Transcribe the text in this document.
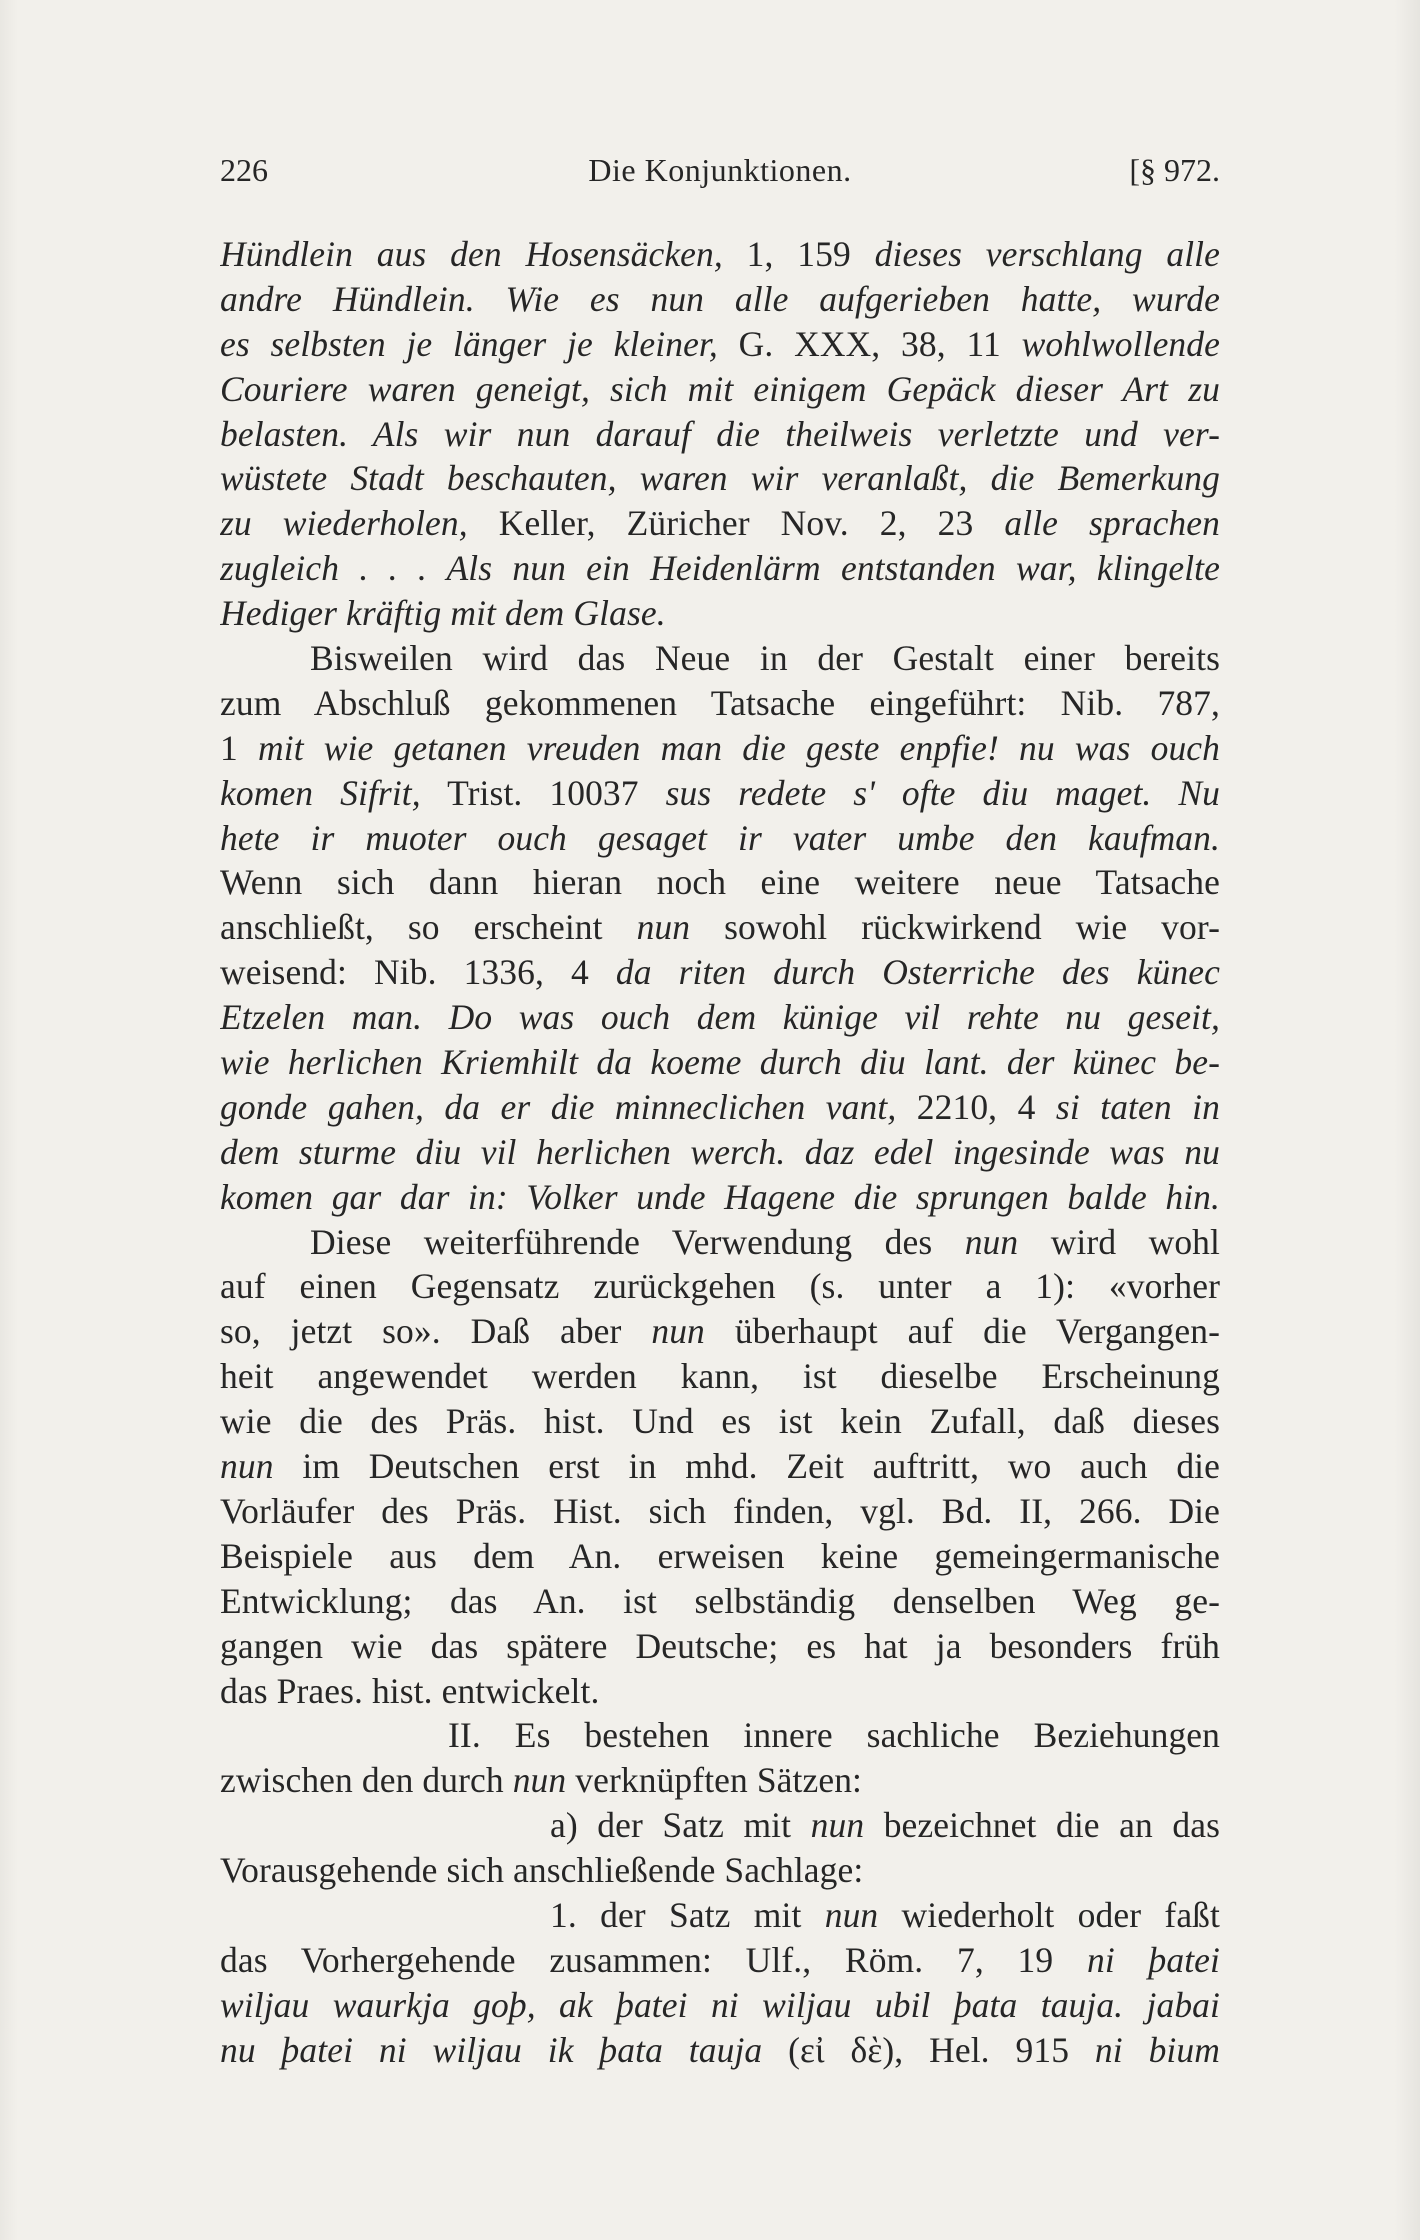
226	Die Konjunktionen.	[§ 972.
Hündlein aus den Hosensäcken, 1, 159 dieses verschlang alle
andre Hündlein. Wie es nun alle aufgerieben hatte, wurde
es selbsten je länger je kleiner, G. XXX, 38, 11 wohlwollende
Couriere waren geneigt, sich mit einigem Gepäck dieser Art zu
belasten. Als wir nun darauf die theilweis verletzte und ver-
wüstete Stadt beschauten, waren wir veranlaßt, die Bemerkung
zu wiederholen, Keller, Züricher Nov. 2, 23 alle sprachen
zugleich . . . Als nun ein Heidenlärm entstanden war, klingelte
Hediger kräftig mit dem Glase.
Bisweilen wird das Neue in der Gestalt einer bereits
zum Abschluß gekommenen Tatsache eingeführt: Nib. 787,
1 mit wie getanen vreuden man die geste enpfie! nu was ouch
komen Sifrit, Trist. 10037 sus redete s' ofte diu maget. Nu
hete ir muoter ouch gesaget ir vater umbe den kaufman.
Wenn sich dann hieran noch eine weitere neue Tatsache
anschließt, so erscheint nun sowohl rückwirkend wie vor-
weisend: Nib. 1336, 4 da riten durch Osterriche des künec
Etzelen man. Do was ouch dem künige vil rehte nu geseit,
wie herlichen Kriemhilt da koeme durch diu lant. der künec be-
gonde gahen, da er die minneclichen vant, 2210, 4 si taten in
dem sturme diu vil herlichen werch. daz edel ingesinde was nu
komen gar dar in: Volker unde Hagene die sprungen balde hin.
Diese weiterführende Verwendung des nun wird wohl
auf einen Gegensatz zurückgehen (s. unter a 1): «vorher
so, jetzt so». Daß aber nun überhaupt auf die Vergangen-
heit angewendet werden kann, ist dieselbe Erscheinung
wie die des Präs. hist. Und es ist kein Zufall, daß dieses
nun im Deutschen erst in mhd. Zeit auftritt, wo auch die
Vorläufer des Präs. Hist. sich finden, vgl. Bd. II, 266. Die
Beispiele aus dem An. erweisen keine gemeingermanische
Entwicklung; das An. ist selbständig denselben Weg ge-
gangen wie das spätere Deutsche; es hat ja besonders früh
das Praes. hist. entwickelt.
II. Es bestehen innere sachliche Beziehungen
zwischen den durch nun verknüpften Sätzen:
a) der Satz mit nun bezeichnet die an das
Vorausgehende sich anschließende Sachlage:
1. der Satz mit nun wiederholt oder faßt
das Vorhergehende zusammen: Ulf., Röm. 7, 19 ni þatei
wiljau waurkja goþ, ak þatei ni wiljau ubil þata tauja. jabai
nu þatei ni wiljau ik þata tauja (εἰ δὲ), Hel. 915 ni bium
